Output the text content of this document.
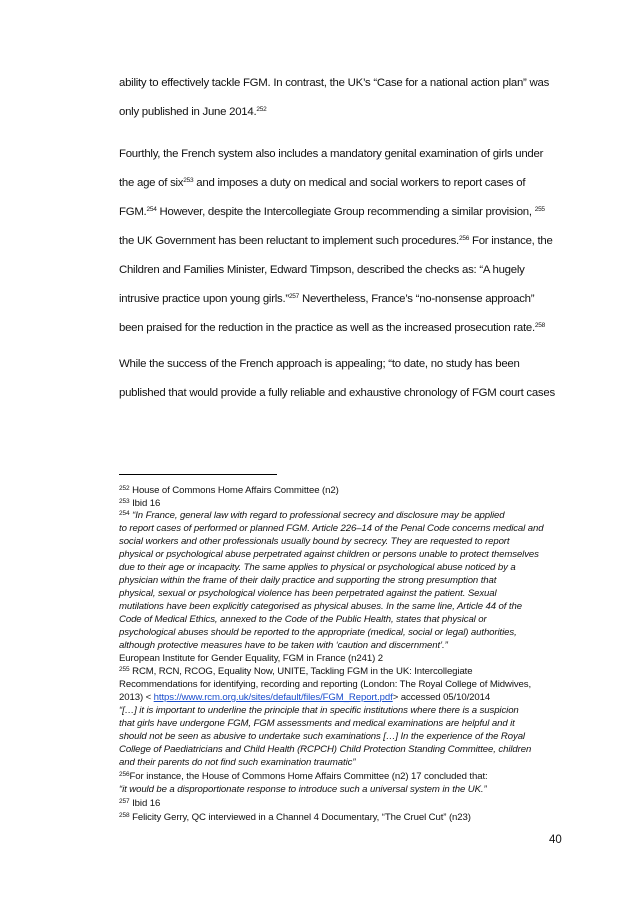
ability to effectively tackle FGM. In contrast, the UK’s “Case for a national action plan” was
only published in June 2014.$^{252}$
Fourthly, the French system also includes a mandatory genital examination of girls under
the age of six$^{253}$ and imposes a duty on medical and social workers to report cases of
FGM.$^{254}$ However, despite the Intercollegiate Group recommending a similar provision, $^{255}$
the UK Government has been reluctant to implement such procedures.$^{256}$ For instance, the
Children and Families Minister, Edward Timpson, described the checks as: “A hugely
intrusive practice upon young girls.”$^{257}$ Nevertheless, France’s “no-nonsense approach”
been praised for the reduction in the practice as well as the increased prosecution rate.$^{258}$
While the success of the French approach is appealing; “to date, no study has been
published that would provide a fully reliable and exhaustive chronology of FGM court cases
$^{252}$ House of Commons Home Affairs Committee (n2)
$^{253}$ Ibid 16
$^{254}$ “In France, general law with regard to professional secrecy and disclosure may be applied
to report cases of performed or planned FGM. Article 226–14 of the Penal Code concerns medical and
social workers and other professionals usually bound by secrecy. They are requested to report
physical or psychological abuse perpetrated against children or persons unable to protect themselves
due to their age or incapacity. The same applies to physical or psychological abuse noticed by a
physician within the frame of their daily practice and supporting the strong presumption that
physical, sexual or psychological violence has been perpetrated against the patient. Sexual
mutilations have been explicitly categorised as physical abuses. In the same line, Article 44 of the
Code of Medical Ethics, annexed to the Code of the Public Health, states that physical or
psychological abuses should be reported to the appropriate (medical, social or legal) authorities,
although protective measures have to be taken with ‘caution and discernment’.”
European Institute for Gender Equality, FGM in France (n241) 2
$^{255}$ RCM, RCN, RCOG, Equality Now, UNITE, Tackling FGM in the UK: Intercollegiate
Recommendations for identifying, recording and reporting (London: The Royal College of Midwives,
2013) < https://www.rcm.org.uk/sites/default/files/FGM_Report.pdf> accessed 05/10/2014
“[…] it is important to underline the principle that in specific institutions where there is a suspicion
that girls have undergone FGM, FGM assessments and medical examinations are helpful and it
should not be seen as abusive to undertake such examinations […] In the experience of the Royal
College of Paediatricians and Child Health (RCPCH) Child Protection Standing Committee, children
and their parents do not find such examination traumatic”
$^{256}$For instance, the House of Commons Home Affairs Committee (n2) 17 concluded that:
“it would be a disproportionate response to introduce such a universal system in the UK.”
$^{257}$ Ibid 16
$^{258}$ Felicity Gerry, QC interviewed in a Channel 4 Documentary, “The Cruel Cut” (n23)
40
